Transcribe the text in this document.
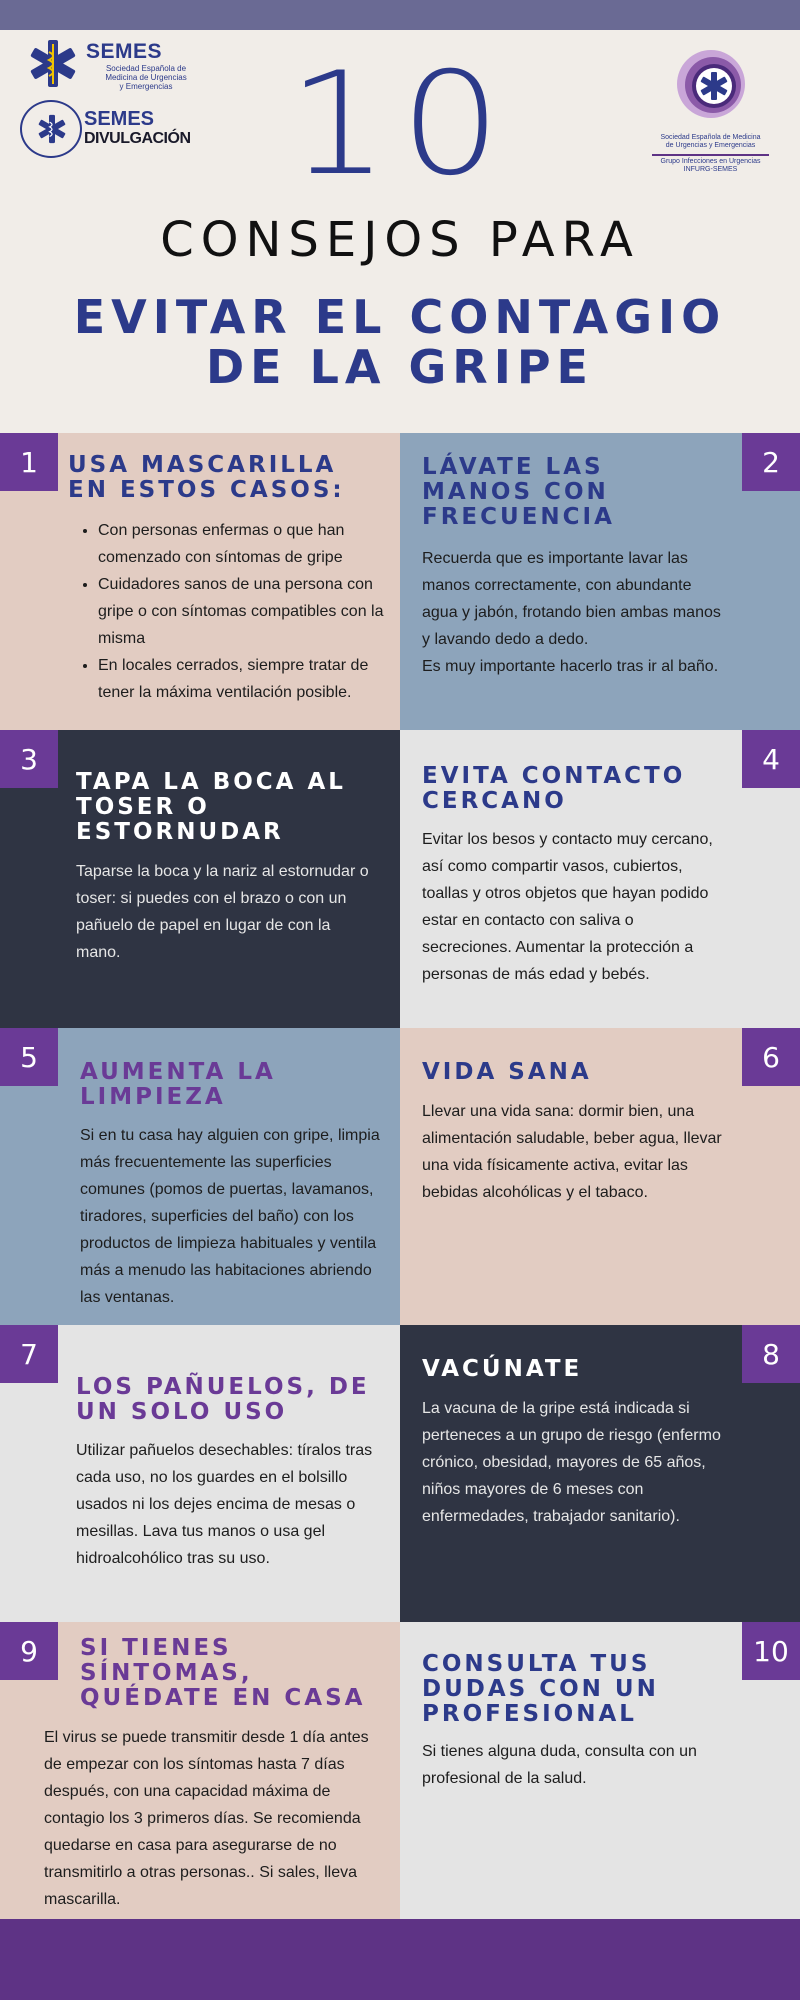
SEMES
Sociedad Española de
Medicina de Urgencias
y Emergencias
SEMES
DIVULGACIÓN	Sociedad Española de Medicina
de Urgencias y Emergencias
Grupo Infecciones en Urgencias
INFURG-SEMES
10
CONSEJOS PARA
EVITAR EL CONTAGIO
DE LA GRIPE
1	USA MASCARILLA EN ESTOS CASOS:
• Con personas enfermas o que han comenzado con síntomas de gripe
• Cuidadores sanos de una persona con gripe o con síntomas compatibles con la misma
• En locales cerrados, siempre tratar de tener la máxima ventilación posible.
2
LÁVATE LAS MANOS CON FRECUENCIA
Recuerda que es importante lavar las manos correctamente, con abundante agua y jabón, frotando bien ambas manos y lavando dedo a dedo.
Es muy importante hacerlo tras ir al baño.
3
TAPA LA BOCA AL TOSER O ESTORNUDAR
Taparse la boca y la nariz al estornudar o toser: si puedes con el brazo o con un pañuelo de papel en lugar de con la mano.
4
EVITA CONTACTO CERCANO
Evitar los besos y contacto muy cercano, así como compartir vasos, cubiertos, toallas y otros objetos que hayan podido estar en contacto con saliva o secreciones. Aumentar la protección a personas de más edad y bebés.
5	AUMENTA LA LIMPIEZA
Si en tu casa hay alguien con gripe, limpia más frecuentemente las superficies comunes (pomos de puertas, lavamanos, tiradores, superficies del baño) con los productos de limpieza habituales y ventila más a menudo las habitaciones abriendo las ventanas.
6
VIDA SANA
Llevar una vida sana: dormir bien, una alimentación saludable, beber agua, llevar una vida físicamente activa, evitar las bebidas alcohólicas y el tabaco.
7
LOS PAÑUELOS, DE UN SOLO USO
Utilizar pañuelos desechables: tíralos tras cada uso, no los guardes en el bolsillo usados ni los dejes encima de mesas o mesillas. Lava tus manos o usa gel hidroalcohólico tras su uso.
8
VACÚNATE
La vacuna de la gripe está indicada si perteneces a un grupo de riesgo (enfermo crónico, obesidad, mayores de 65 años, niños mayores de 6 meses con enfermedades, trabajador sanitario).
9	SI TIENES SÍNTOMAS, QUÉDATE EN CASA
El virus se puede transmitir desde 1 día antes de empezar con los síntomas hasta 7 días después, con una capacidad máxima de contagio los 3 primeros días. Se recomienda quedarse en casa para asegurarse de no transmitirlo a otras personas.. Si sales, lleva mascarilla.
10
CONSULTA TUS DUDAS CON UN PROFESIONAL
Si tienes alguna duda, consulta con un profesional de la salud.
